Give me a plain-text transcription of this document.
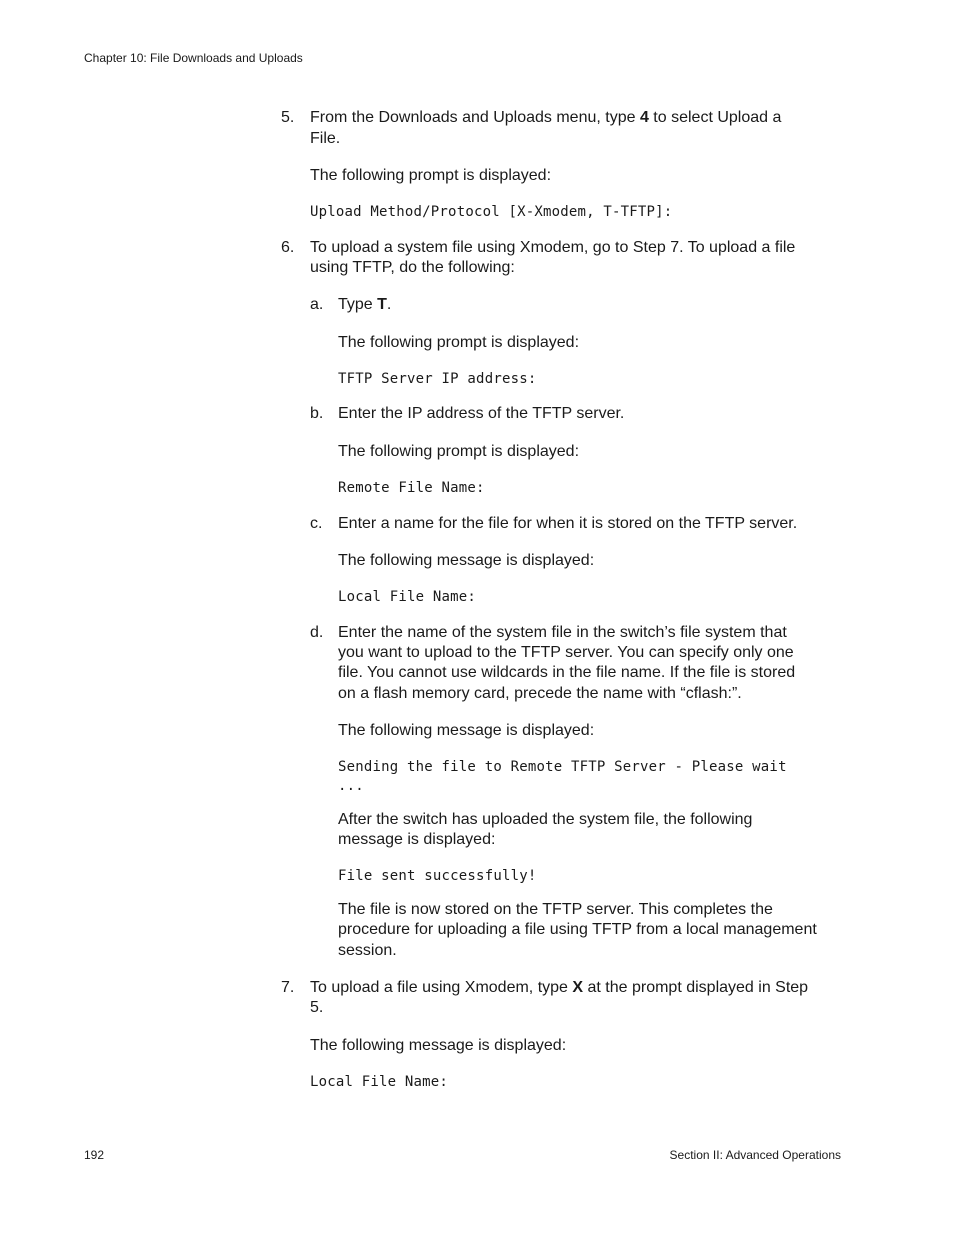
Chapter 10: File Downloads and Uploads
5. From the Downloads and Uploads menu, type 4 to select Upload a
File.
The following prompt is displayed:
Upload Method/Protocol [X-Xmodem, T-TFTP]:
6. To upload a system file using Xmodem, go to Step 7. To upload a file
using TFTP, do the following:
a. Type T.
The following prompt is displayed:
TFTP Server IP address:
b. Enter the IP address of the TFTP server.
The following prompt is displayed:
Remote File Name:
c. Enter a name for the file for when it is stored on the TFTP server.
The following message is displayed:
Local File Name:
d. Enter the name of the system file in the switch’s file system that
you want to upload to the TFTP server. You can specify only one
file. You cannot use wildcards in the file name. If the file is stored
on a flash memory card, precede the name with “cflash:”.
The following message is displayed:
Sending the file to Remote TFTP Server - Please wait
...
After the switch has uploaded the system file, the following
message is displayed:
File sent successfully!
The file is now stored on the TFTP server. This completes the
procedure for uploading a file using TFTP from a local management
session.
7. To upload a file using Xmodem, type X at the prompt displayed in Step
5.
The following message is displayed:
Local File Name:
192	Section II: Advanced Operations
